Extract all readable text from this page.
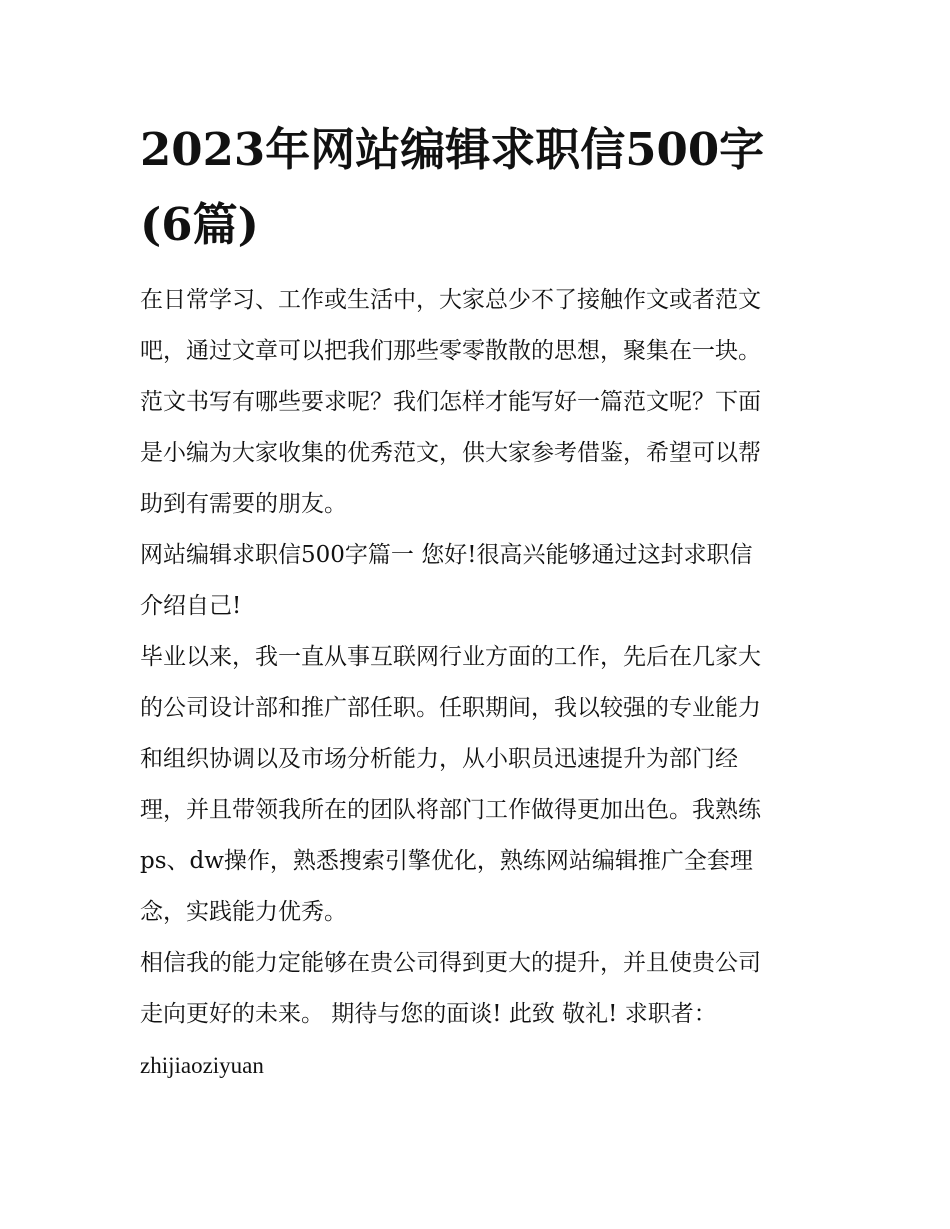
2023年网站编辑求职信500字
(6篇)

在日常学习、工作或生活中，大家总少不了接触作文或者范文
吧，通过文章可以把我们那些零零散散的思想，聚集在一块。
范文书写有哪些要求呢？我们怎样才能写好一篇范文呢？下面
是小编为大家收集的优秀范文，供大家参考借鉴，希望可以帮
助到有需要的朋友。

网站编辑求职信500字篇一 您好!很高兴能够通过这封求职信
介绍自己!

毕业以来，我一直从事互联网行业方面的工作，先后在几家大
的公司设计部和推广部任职。任职期间，我以较强的专业能力
和组织协调以及市场分析能力，从小职员迅速提升为部门经
理，并且带领我所在的团队将部门工作做得更加出色。我熟练
ps、dw操作，熟悉搜索引擎优化，熟练网站编辑推广全套理
念，实践能力优秀。

相信我的能力定能够在贵公司得到更大的提升，并且使贵公司
走向更好的未来。 期待与您的面谈! 此致 敬礼! 求职者：
zhijiaoziyuan
